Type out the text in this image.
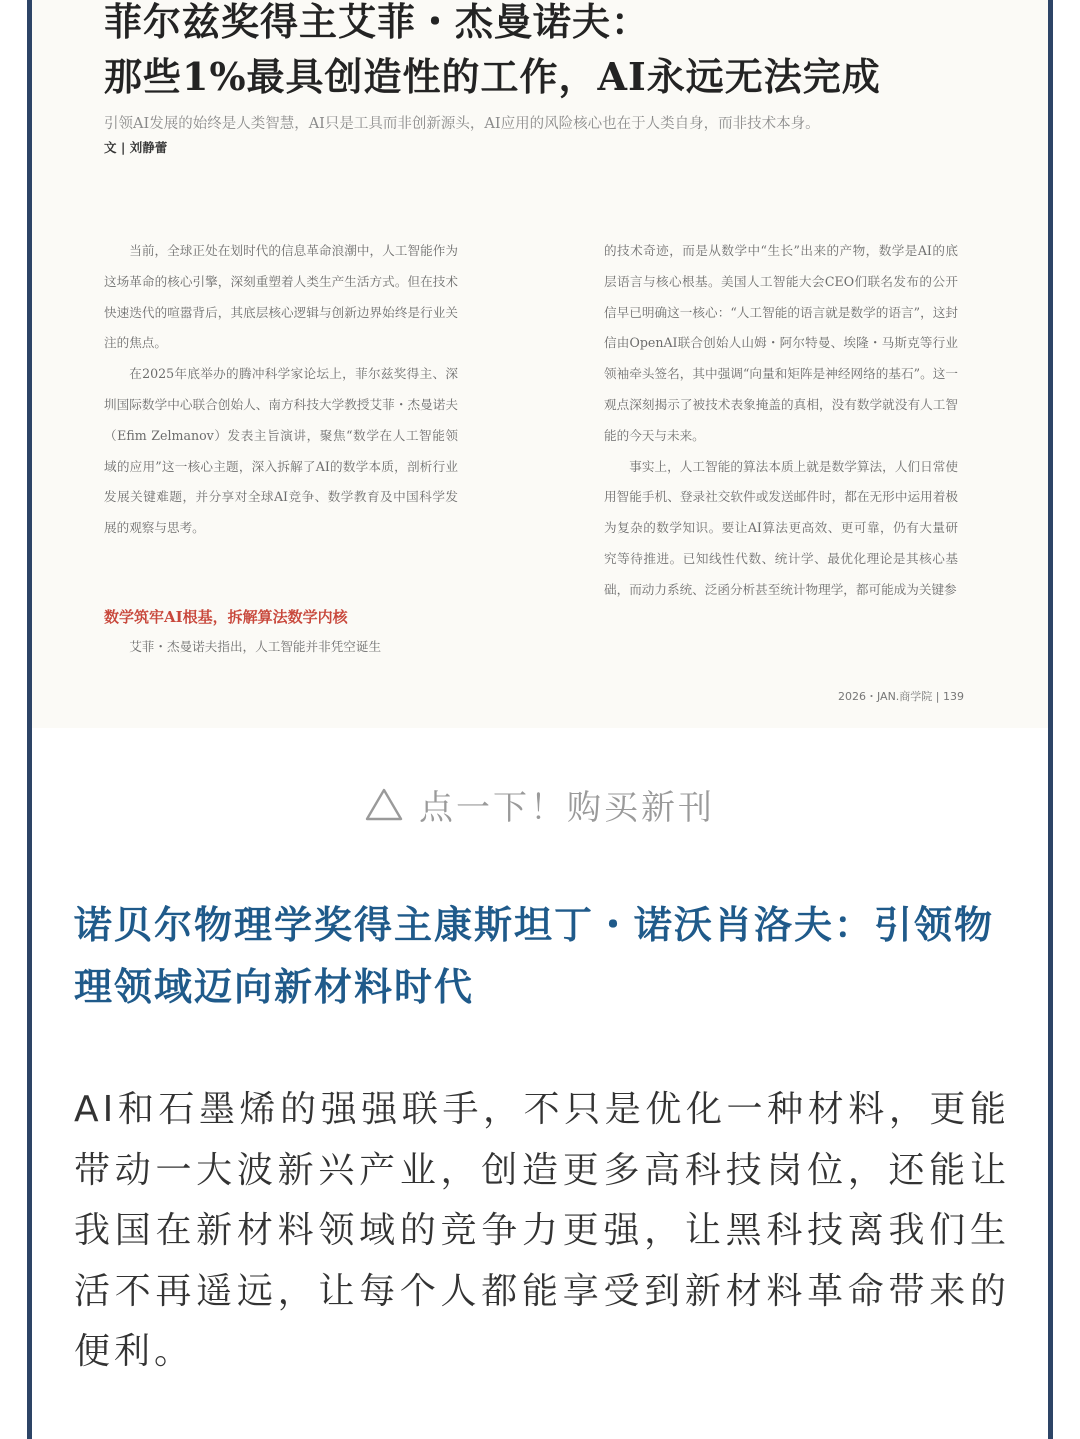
菲尔兹奖得主艾菲・杰曼诺夫：
那些1%最具创造性的工作，AI永远无法完成
引领AI发展的始终是人类智慧，AI只是工具而非创新源头，AI应用的风险核心也在于人类自身，而非技术本身。
文 | 刘静蕾

当前，全球正处在划时代的信息革命浪潮中，人工智能作为这场革命的核心引擎，深刻重塑着人类生产生活方式。但在技术快速迭代的喧嚣背后，其底层核心逻辑与创新边界始终是行业关注的焦点。

在2025年底举办的腾冲科学家论坛上，菲尔兹奖得主、深圳国际数学中心联合创始人、南方科技大学教授艾菲・杰曼诺夫（Efim Zelmanov）发表主旨演讲，聚焦“数学在人工智能领域的应用”这一核心主题，深入拆解了AI的数学本质，剖析行业发展关键难题，并分享对全球AI竞争、数学教育及中国科学发展的观察与思考。

数学筑牢AI根基，拆解算法数学内核

艾菲・杰曼诺夫指出，人工智能并非凭空诞生

的技术奇迹，而是从数学中“生长”出来的产物，数学是AI的底层语言与核心根基。美国人工智能大会CEO们联名发布的公开信早已明确这一核心：“人工智能的语言就是数学的语言”，这封信由OpenAI联合创始人山姆・阿尔特曼、埃隆・马斯克等行业领袖牵头签名，其中强调“向量和矩阵是神经网络的基石”。这一观点深刻揭示了被技术表象掩盖的真相，没有数学就没有人工智能的今天与未来。

事实上，人工智能的算法本质上就是数学算法，人们日常使用智能手机、登录社交软件或发送邮件时，都在无形中运用着极为复杂的数学知识。要让AI算法更高效、更可靠，仍有大量研究等待推进。已知线性代数、统计学、最优化理论是其核心基础，而动力系统、泛函分析甚至统计物理学，都可能成为关键参

2026・JAN.商学院 | 139
点一下！购买新刊
诺贝尔物理学奖得主康斯坦丁・诺沃肖洛夫：引领物理领域迈向新材料时代

AI和石墨烯的强强联手，不只是优化一种材料，更能带动一大波新兴产业，创造更多高科技岗位，还能让我国在新材料领域的竞争力更强，让黑科技离我们生活不再遥远，让每个人都能享受到新材料革命带来的便利。
